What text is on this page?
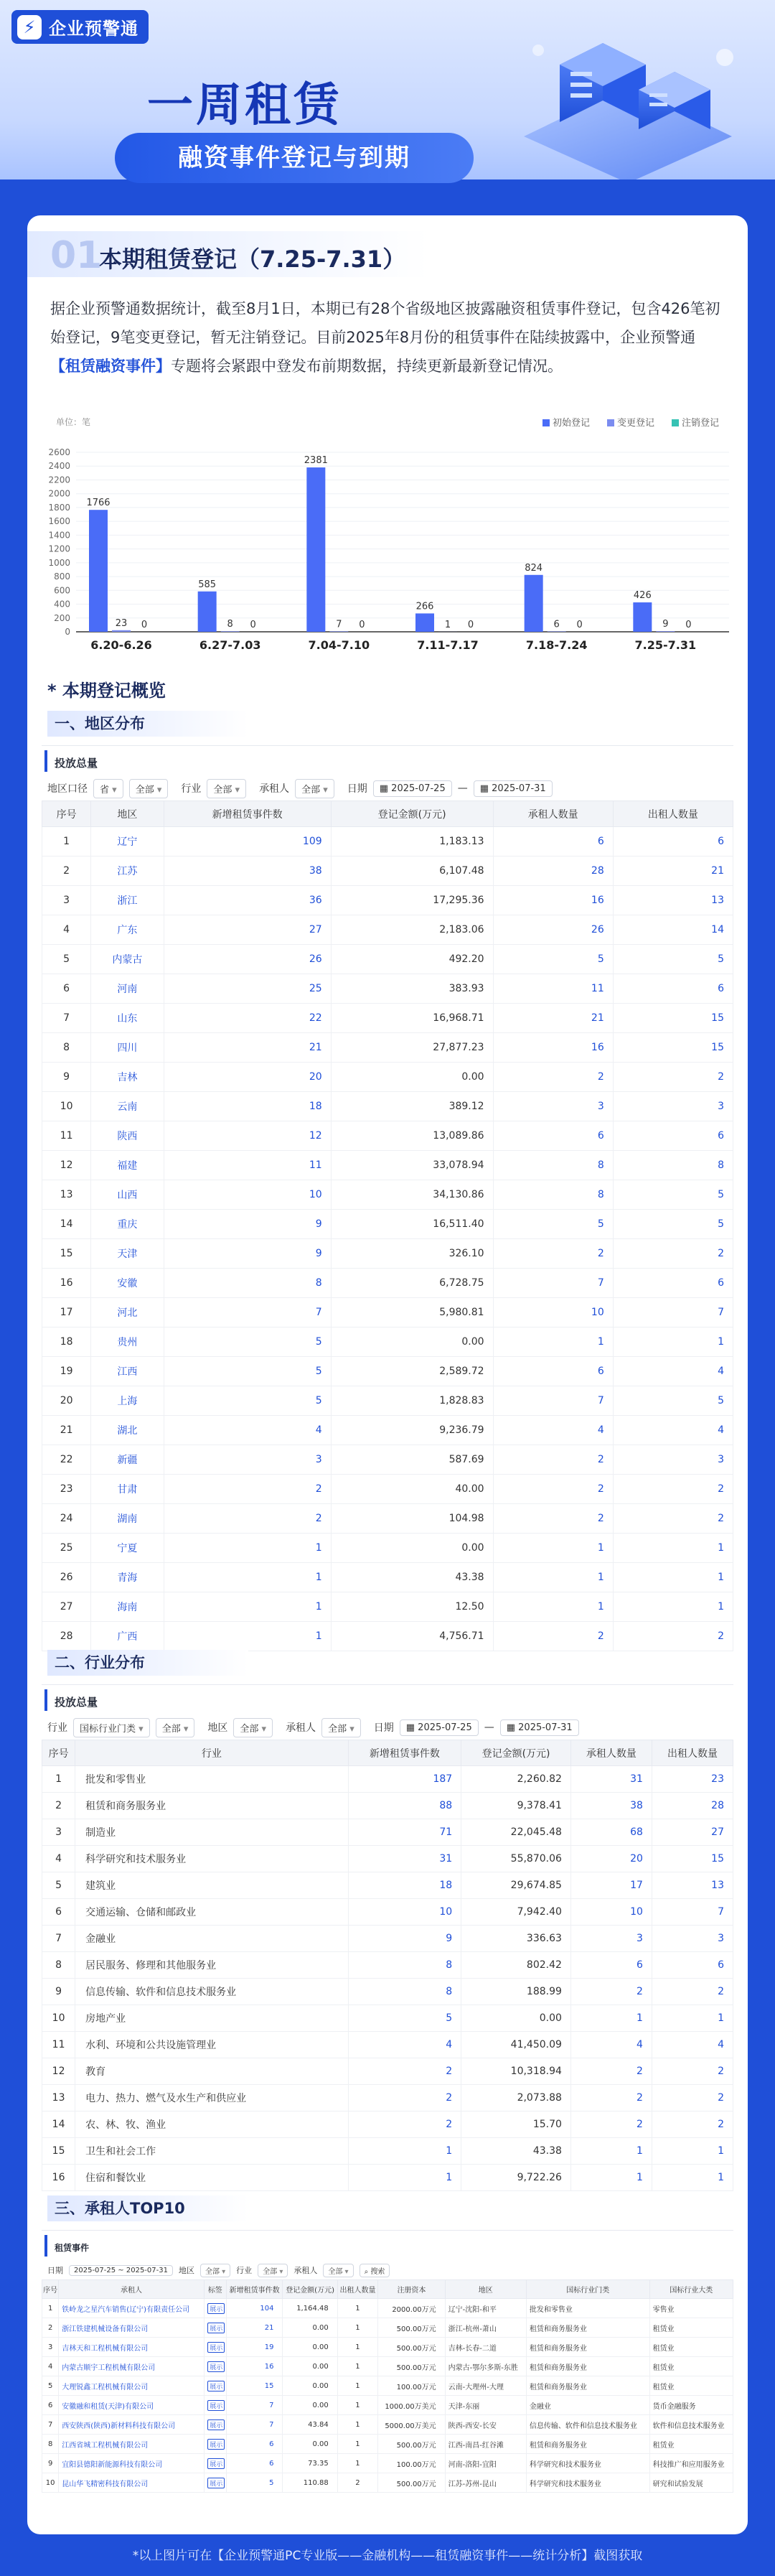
⚡ 企业预警通
一周租赁
融资事件登记与到期
01
本期租赁登记（7.25-7.31）
据企业预警通数据统计，截至8月1日，本期已有28个省级地区披露融资租赁事件登记，包含426笔初始登记，9笔变更登记，暂无注销登记。目前2025年8月份的租赁事件在陆续披露中，企业预警通【租赁融资事件】专题将会紧跟中登发布前期数据，持续更新最新登记情况。
单位：笔
0
200
400
600
800
1000
1200
1400
1600
1800
2000
2200
2400
2600
初始登记	变更登记	注销登记
1766
23 0
6.20-6.26
585
8 0
6.27-7.03
2381
7 0
7.04-7.10
266
1 0
7.11-7.17
824
6 0
7.18-7.24
426
9 0
7.25-7.31
* 本期登记概览
一、地区分布
投放总量
地区口径	省 ▾	全部 ▾	行业	全部 ▾	承租人	全部 ▾	日期	▦ 2025-07-25	—	▦ 2025-07-31
序号	地区	新增租赁事件数	登记金额(万元)	承租人数量	出租人数量
1	辽宁	109	1,183.13	6	6
2	江苏	38	6,107.48	28	21
3	浙江	36	17,295.36	16	13
4	广东	27	2,183.06	26	14
5	内蒙古	26	492.20	5	5
6	河南	25	383.93	11	6
7	山东	22	16,968.71	21	15
8	四川	21	27,877.23	16	15
9	吉林	20	0.00	2	2
10	云南	18	389.12	3	3
11	陕西	12	13,089.86	6	6
12	福建	11	33,078.94	8	8
13	山西	10	34,130.86	8	5
14	重庆	9	16,511.40	5	5
15	天津	9	326.10	2	2
16	安徽	8	6,728.75	7	6
17	河北	7	5,980.81	10	7
18	贵州	5	0.00	1	1
19	江西	5	2,589.72	6	4
20	上海	5	1,828.83	7	5
21	湖北	4	9,236.79	4	4
22	新疆	3	587.69	2	3
23	甘肃	2	40.00	2	2
24	湖南	2	104.98	2	2
25	宁夏	1	0.00	1	1
26	青海	1	43.38	1	1
27	海南	1	12.50	1	1
28	广西	1	4,756.71	2	2
二、行业分布
投放总量
行业	国标行业门类 ▾	全部 ▾	地区	全部 ▾	承租人	全部 ▾	日期	▦ 2025-07-25	—	▦ 2025-07-31
序号	行业	新增租赁事件数	登记金额(万元)	承租人数量	出租人数量
1	批发和零售业	187	2,260.82	31	23
2	租赁和商务服务业	88	9,378.41	38	28
3	制造业	71	22,045.48	68	27
4	科学研究和技术服务业	31	55,870.06	20	15
5	建筑业	18	29,674.85	17	13
6	交通运输、仓储和邮政业	10	7,942.40	10	7
7	金融业	9	336.63	3	3
8	居民服务、修理和其他服务业	8	802.42	6	6
9	信息传输、软件和信息技术服务业	8	188.99	2	2
10	房地产业	5	0.00	1	1
11	水利、环境和公共设施管理业	4	41,450.09	4	4
12	教育	2	10,318.94	2	2
13	电力、热力、燃气及水生产和供应业	2	2,073.88	2	2
14	农、林、牧、渔业	2	15.70	2	2
15	卫生和社会工作	1	43.38	1	1
16	住宿和餐饮业	1	9,722.26	1	1
三、承租人TOP10
租赁事件
日期	2025-07-25 ~ 2025-07-31	地区	全部 ▾	行业	全部 ▾	承租人	全部 ▾	⌕ 搜索
序号	承租人	标签	新增租赁事件数	登记金额(万元)	出租人数量	注册资本	地区	国标行业门类	国标行业大类
1	铁岭龙之星汽车销售(辽宁)有限责任公司	展示	104	1,164.48	1	2000.00万元	辽宁-沈阳-和平	批发和零售业	零售业
2	浙江铁建机械设备有限公司	展示	21	0.00	1	500.00万元	浙江-杭州-萧山	租赁和商务服务业	租赁业
3	吉林天和工程机械有限公司	展示	19	0.00	1	500.00万元	吉林-长春-二道	租赁和商务服务业	租赁业
4	内蒙古顺宇工程机械有限公司	展示	16	0.00	1	500.00万元	内蒙古-鄂尔多斯-东胜	租赁和商务服务业	租赁业
5	大理锐鑫工程机械有限公司	展示	15	0.00	1	100.00万元	云南-大理州-大理	租赁和商务服务业	租赁业
6	安徽融和租赁(天津)有限公司	展示	7	0.00	1	1000.00万美元	天津-东丽	金融业	货币金融服务
7	西安陕西(陕西)新材料科技有限公司	展示	7	43.84	1	5000.00万美元	陕西-西安-长安	信息传输、软件和信息技术服务业	软件和信息技术服务业
8	江西省城工程机械有限公司	展示	6	0.00	1	500.00万元	江西-南昌-红谷滩	租赁和商务服务业	租赁业
9	宜阳县德阳新能源科技有限公司	展示	6	73.35	1	100.00万元	河南-洛阳-宜阳	科学研究和技术服务业	科技推广和应用服务业
10	昆山华飞精密科技有限公司	展示	5	110.88	2	500.00万元	江苏-苏州-昆山	科学研究和技术服务业	研究和试验发展
*以上图片可在【企业预警通PC专业版——金融机构——租赁融资事件——统计分析】截图获取
